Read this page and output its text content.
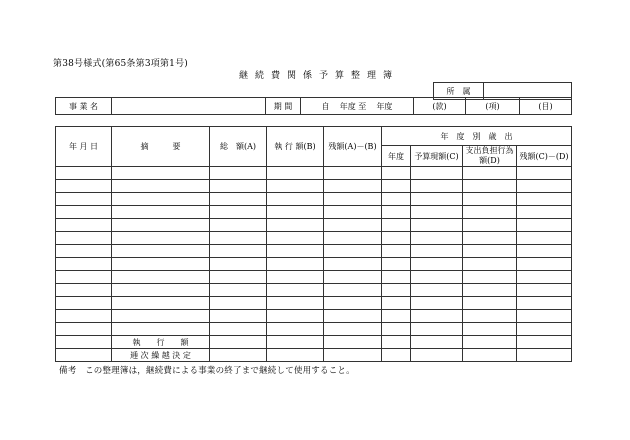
第38号様式(第65条第3項第1号)
継続費関係予算整理簿
所　属	
事 業 名		期 間	自 年度 至 年度	(款)	(項)	(目)
年 月 日	摘　　　要	総　額(A)	執 行 額(B)	残額(A)－(B)	年　度　別　歳　出			
					年度	予算現額(C)	支出負担行為額(D)	残額(C)－(D)

	執　　行　　額							
	逓 次 繰 越 決 定							
備考　この整理簿は，継続費による事業の終了まで継続して使用すること。
